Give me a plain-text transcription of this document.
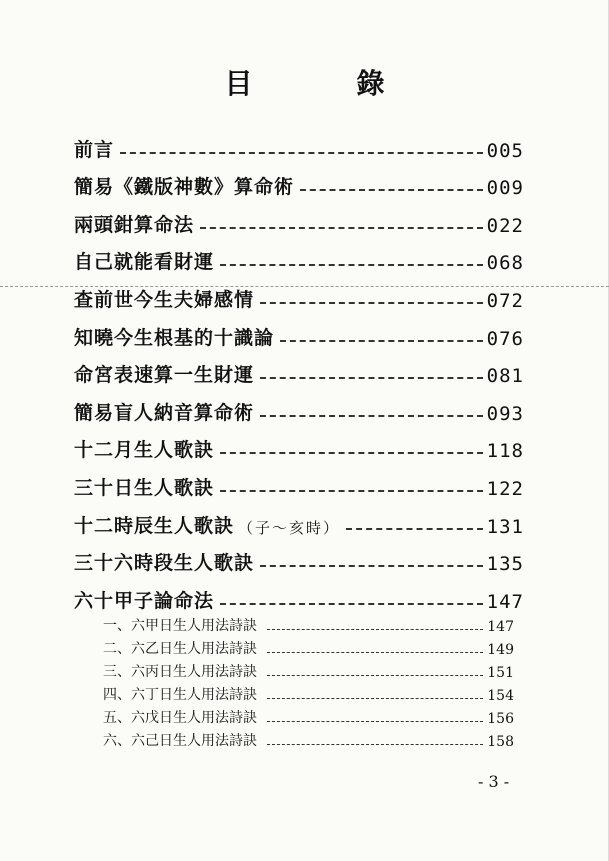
目　錄
前言	005
簡易《鐵版神數》算命術	009
兩頭鉗算命法	022
自己就能看財運	068
查前世今生夫婦感情	072
知曉今生根基的十識論	076
命宮表速算一生財運	081
簡易盲人納音算命術	093
十二月生人歌訣	118
三十日生人歌訣	122
十二時辰生人歌訣 （子～亥時）	131
三十六時段生人歌訣	135
六十甲子論命法	147
一、六甲日生人用法詩訣	147
二、六乙日生人用法詩訣	149
三、六丙日生人用法詩訣	151
四、六丁日生人用法詩訣	154
五、六戊日生人用法詩訣	156
六、六己日生人用法詩訣	158
- 3 -
